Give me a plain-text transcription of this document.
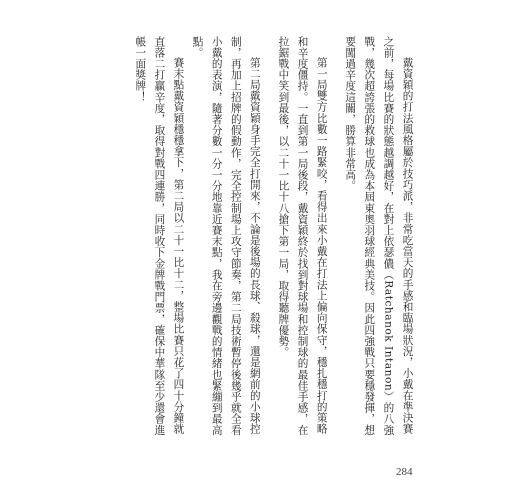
戴資穎的打法風格屬於技巧派，非常吃當天的手感和臨場狀況，小戴在準決賽之前，每場比賽的狀態越調越好，在對上依瑟儂（Ratchanok Intanon）的八強戰，幾次超誇張的救球也成為本屆東奧羽球經典美技。因此四強戰只要穩發揮，想要闖過辛度這關，勝算非常高。

第一局雙方比數一路緊咬，看得出來小戴在打法上偏向保守，穩扎穩打的策略和辛度僵持。一直到第一局後段，戴資穎終於找到對球場和控制球的最佳手感，在拉鋸戰中笑到最後，以二十一比十八搶下第一局，取得聽牌優勢。

第二局戴資穎身手完全打開來，不論是後場的長球、殺球，還是網前的小球控制，再加上招牌的假動作，完全控制場上攻守節奏，第二局技術暫停後幾乎就全看小戴的表演，隨著分數一分一分地靠近賽末點，我在旁邊觀戰的情緒也緊繃到最高點。

賽末點戴資穎穩穩拿下，第二局以二十一比十二，整場比賽只花了四十分鐘就直落二打贏辛度，取得對戰四連勝，同時收下金牌戰門票，確保中華隊至少還會進帳一面獎牌！

284
